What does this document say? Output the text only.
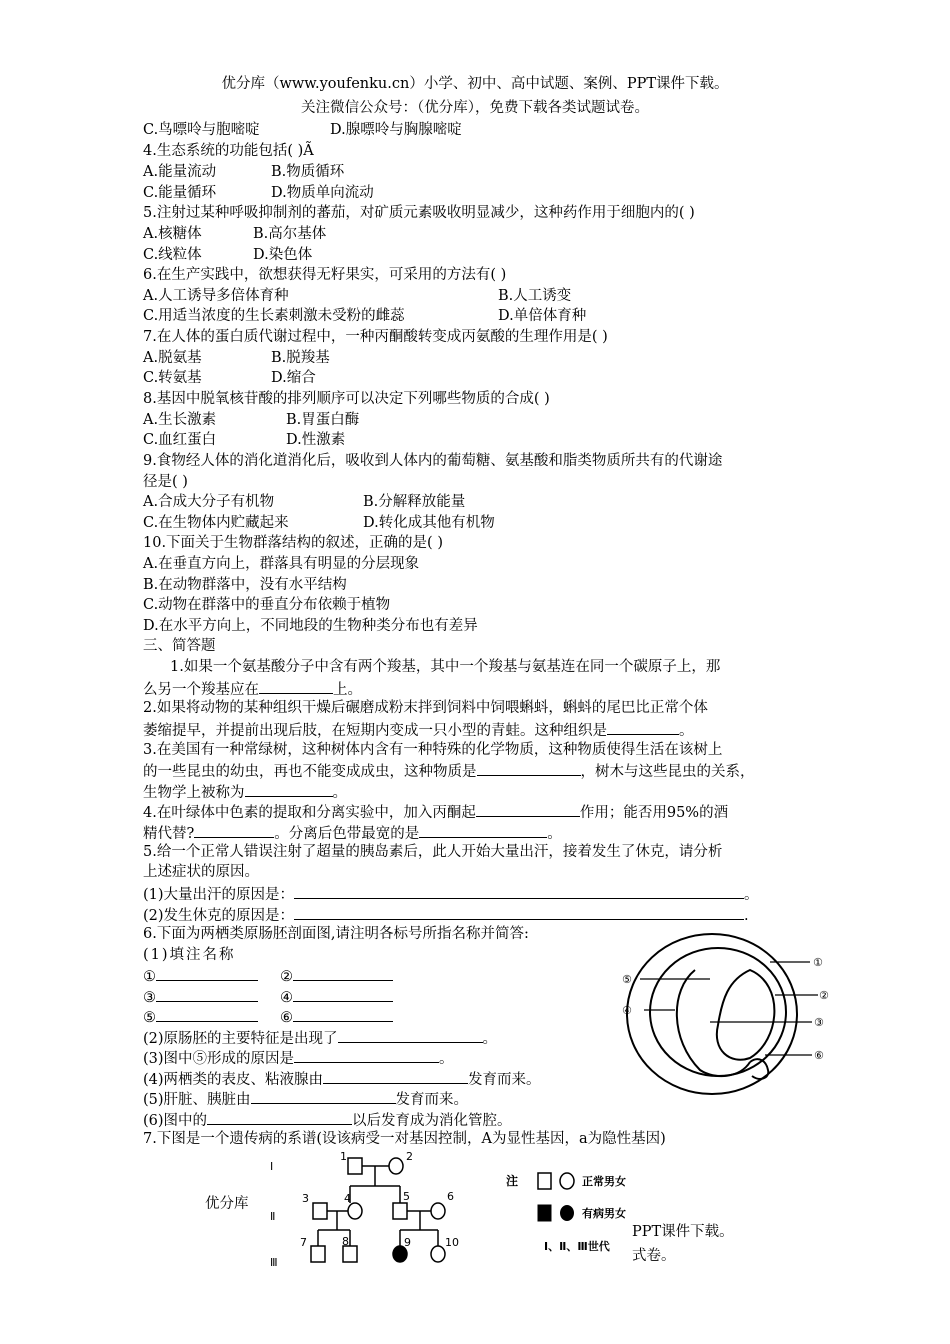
优分库（www.youfenku.cn）小学、初中、高中试题、案例、PPT课件下载。
关注微信公众号：（优分库），免费下载各类试题试卷。
C.鸟嘌呤与胞嘧啶	D.腺嘌呤与胸腺嘧啶
4.生态系统的功能包括( )Ã
A.能量流动	B.物质循环
C.能量循环	D.物质单向流动
5.注射过某种呼吸抑制剂的蕃茄，对矿质元素吸收明显减少，这种药作用于细胞内的( )
A.核糖体	B.高尔基体
C.线粒体	D.染色体
6.在生产实践中，欲想获得无籽果实，可采用的方法有( )
A.人工诱导多倍体育种	B.人工诱变
C.用适当浓度的生长素刺激未受粉的雌蕊	D.单倍体育种
7.在人体的蛋白质代谢过程中，一种丙酮酸转变成丙氨酸的生理作用是( )
A.脱氨基	B.脱羧基
C.转氨基	D.缩合
8.基因中脱氧核苷酸的排列顺序可以决定下列哪些物质的合成( )
A.生长激素	B.胃蛋白酶
C.血红蛋白	D.性激素
9.食物经人体的消化道消化后，吸收到人体内的葡萄糖、氨基酸和脂类物质所共有的代谢途
径是( )
A.合成大分子有机物	B.分解释放能量
C.在生物体内贮藏起来	D.转化成其他有机物
10.下面关于生物群落结构的叙述，正确的是( )
A.在垂直方向上，群落具有明显的分层现象
B.在动物群落中，没有水平结构
C.动物在群落中的垂直分布依赖于植物
D.在水平方向上，不同地段的生物种类分布也有差异
三、简答题
1.如果一个氨基酸分子中含有两个羧基，其中一个羧基与氨基连在同一个碳原子上，那
么另一个羧基应在	上。
2.如果将动物的某种组织干燥后碾磨成粉末拌到饲料中饲喂蝌蚪，蝌蚪的尾巴比正常个体
萎缩提早，并提前出现后肢，在短期内变成一只小型的青蛙。这种组织是	。
3.在美国有一种常绿树，这种树体内含有一种特殊的化学物质，这种物质使得生活在该树上
的一些昆虫的幼虫，再也不能变成成虫，这种物质是	，树木与这些昆虫的关系，
生物学上被称为	。
4.在叶绿体中色素的提取和分离实验中，加入丙酮起	作用；能否用95%的酒
精代替?	。分离后色带最宽的是	。
5.给一个正常人错误注射了超量的胰岛素后，此人开始大量出汗，接着发生了休克，请分析
上述症状的原因。
(1)大量出汗的原因是：	。
(2)发生休克的原因是：	.
6.下面为两栖类原肠胚剖面图,请注明各标号所指名称并简答:
(1)填注名称
①	②
③	④
⑤	⑥
(2)原肠胚的主要特征是出现了	。
(3)图中⑤形成的原因是	。
(4)两栖类的表皮、粘液腺由	发育而来。
(5)肝脏、胰脏由	发育而来。
(6)图中的	以后发育成为消化管腔。
7.下图是一个遗传病的系谱(设该病受一对基因控制，A为显性基因，a为隐性基因)
①
②
③
④
⑤
⑥
Ⅰ
Ⅱ
Ⅲ
1	2
3	4	5	6
7	8	9	10
注	正常男女
有病男女
Ⅰ、Ⅱ、Ⅲ世代
优分库
PPT课件下载。
式卷。
